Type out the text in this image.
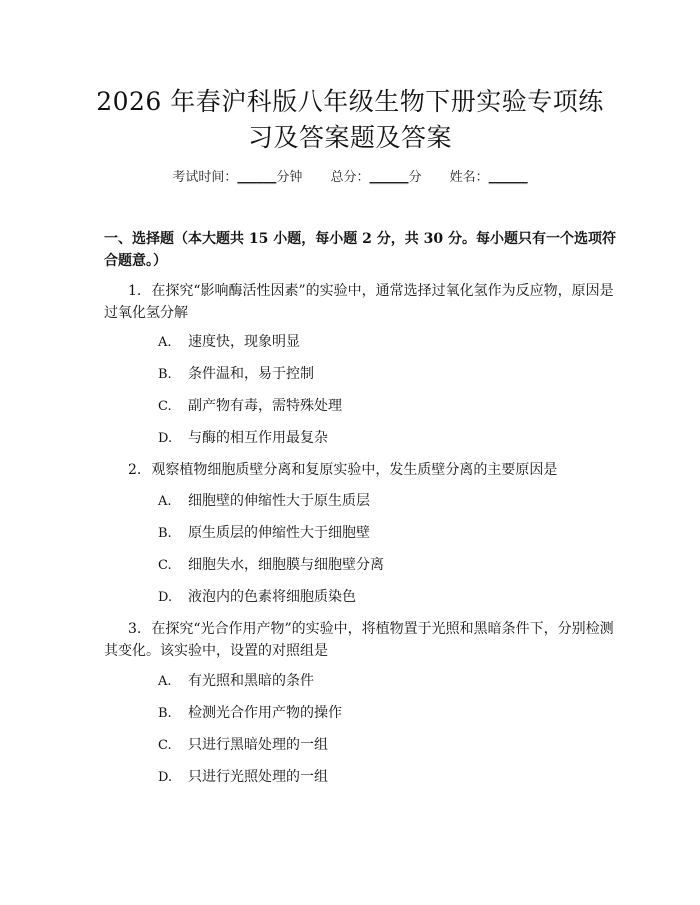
2026 年春沪科版八年级生物下册实验专项练
习及答案题及答案
考试时间：______分钟 总分：______分 姓名：______
一、选择题（本大题共 15 小题，每小题 2 分，共 30 分。每小题只有一个选项符合题意。）
1. 在探究“影响酶活性因素”的实验中，通常选择过氧化氢作为反应物，原因是过氧化氢分解
A. 速度快，现象明显
B. 条件温和，易于控制
C. 副产物有毒，需特殊处理
D. 与酶的相互作用最复杂
2. 观察植物细胞质壁分离和复原实验中，发生质壁分离的主要原因是
A. 细胞壁的伸缩性大于原生质层
B. 原生质层的伸缩性大于细胞壁
C. 细胞失水，细胞膜与细胞壁分离
D. 液泡内的色素将细胞质染色
3. 在探究“光合作用产物”的实验中，将植物置于光照和黑暗条件下，分别检测其变化。该实验中，设置的对照组是
A. 有光照和黑暗的条件
B. 检测光合作用产物的操作
C. 只进行黑暗处理的一组
D. 只进行光照处理的一组
